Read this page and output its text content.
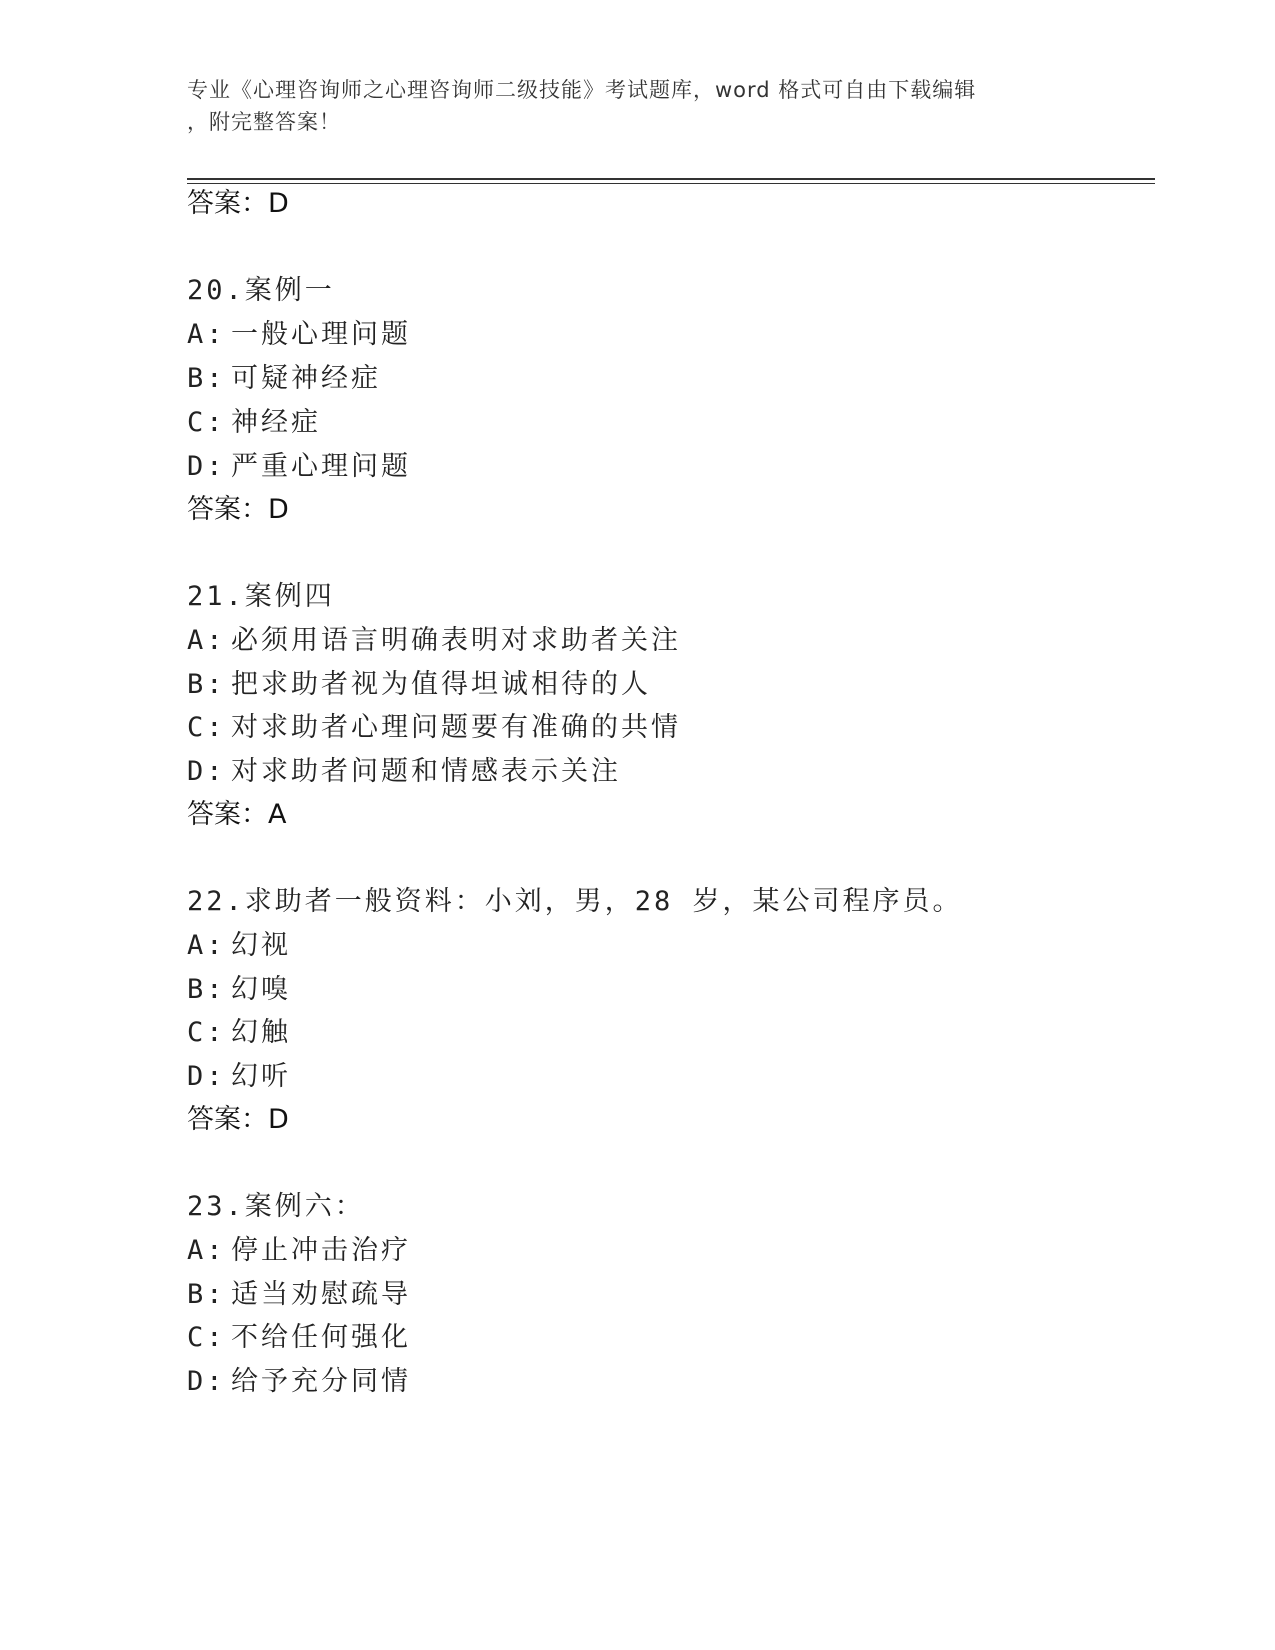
专业《心理咨询师之心理咨询师二级技能》考试题库，word 格式可自由下载编辑
，附完整答案！
答案：D
20.案例一
A: 一般心理问题
B: 可疑神经症
C: 神经症
D: 严重心理问题
答案：D
21.案例四
A: 必须用语言明确表明对求助者关注
B: 把求助者视为值得坦诚相待的人
C: 对求助者心理问题要有准确的共情
D: 对求助者问题和情感表示关注
答案：A
22.求助者一般资料：小刘，男，28 岁，某公司程序员。
A: 幻视
B: 幻嗅
C: 幻触
D: 幻听
答案：D
23.案例六：
A: 停止冲击治疗
B: 适当劝慰疏导
C: 不给任何强化
D: 给予充分同情
